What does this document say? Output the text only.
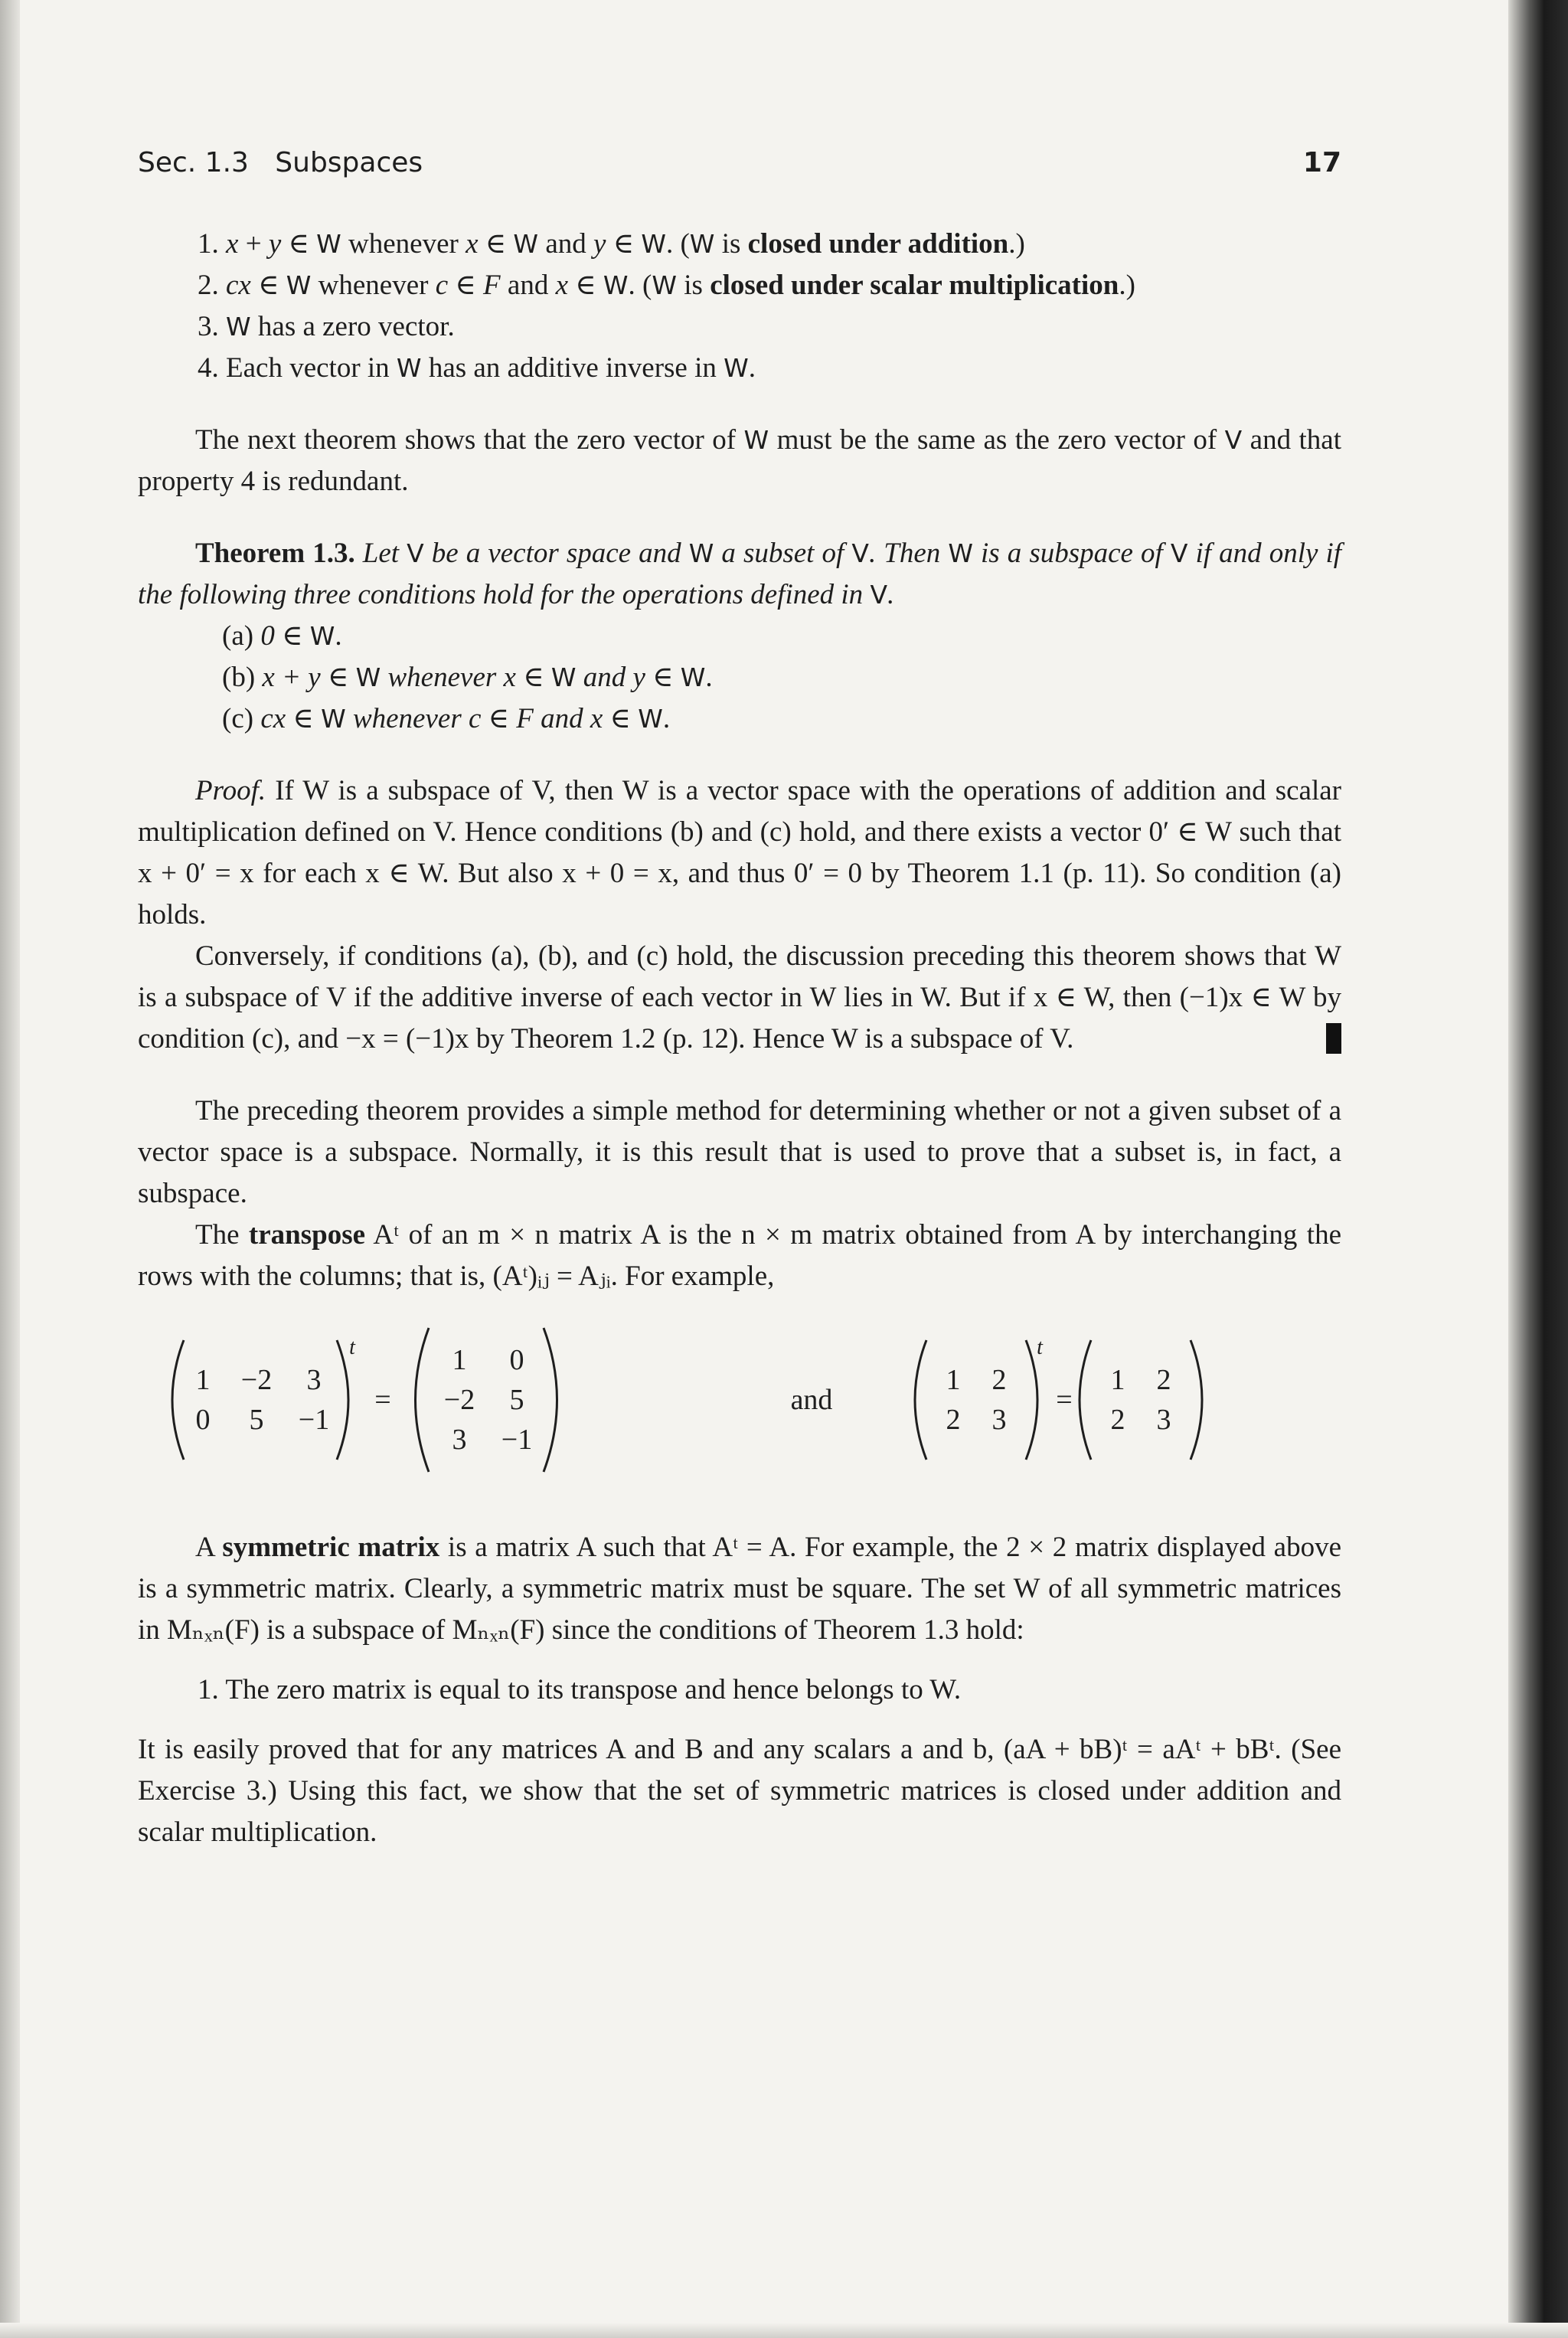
Sec. 1.3 Subspaces	17

1. x + y ∈ W whenever x ∈ W and y ∈ W. (W is closed under addition.)

2. cx ∈ W whenever c ∈ F and x ∈ W. (W is closed under scalar multiplication.)

3. W has a zero vector.

4. Each vector in W has an additive inverse in W.

The next theorem shows that the zero vector of W must be the same as the zero vector of V and that property 4 is redundant.

Theorem 1.3. Let V be a vector space and W a subset of V. Then W is a subspace of V if and only if the following three conditions hold for the operations defined in V.

(a) 0 ∈ W.

(b) x + y ∈ W whenever x ∈ W and y ∈ W.

(c) cx ∈ W whenever c ∈ F and x ∈ W.

Proof. If W is a subspace of V, then W is a vector space with the operations of addition and scalar multiplication defined on V. Hence conditions (b) and (c) hold, and there exists a vector 0′ ∈ W such that x + 0′ = x for each x ∈ W. But also x + 0 = x, and thus 0′ = 0 by Theorem 1.1 (p. 11). So condition (a) holds.

Conversely, if conditions (a), (b), and (c) hold, the discussion preceding this theorem shows that W is a subspace of V if the additive inverse of each vector in W lies in W. But if x ∈ W, then (−1)x ∈ W by condition (c), and −x = (−1)x by Theorem 1.2 (p. 12). Hence W is a subspace of V.

The preceding theorem provides a simple method for determining whether or not a given subset of a vector space is a subspace. Normally, it is this result that is used to prove that a subset is, in fact, a subspace.

The transpose Aᵗ of an m × n matrix A is the n × m matrix obtained from A by interchanging the rows with the columns; that is, (Aᵗ)ᵢⱼ = Aⱼᵢ. For example,

1	−2	3
0	5	−1
t
=
1	0
−2	5
3	−1
and
1	2
2	3
t
=
1	2
2	3

A symmetric matrix is a matrix A such that Aᵗ = A. For example, the 2 × 2 matrix displayed above is a symmetric matrix. Clearly, a symmetric matrix must be square. The set W of all symmetric matrices in Mₙₓₙ(F) is a subspace of Mₙₓₙ(F) since the conditions of Theorem 1.3 hold:

1. The zero matrix is equal to its transpose and hence belongs to W.

It is easily proved that for any matrices A and B and any scalars a and b, (aA + bB)ᵗ = aAᵗ + bBᵗ. (See Exercise 3.) Using this fact, we show that the set of symmetric matrices is closed under addition and scalar multiplication.
